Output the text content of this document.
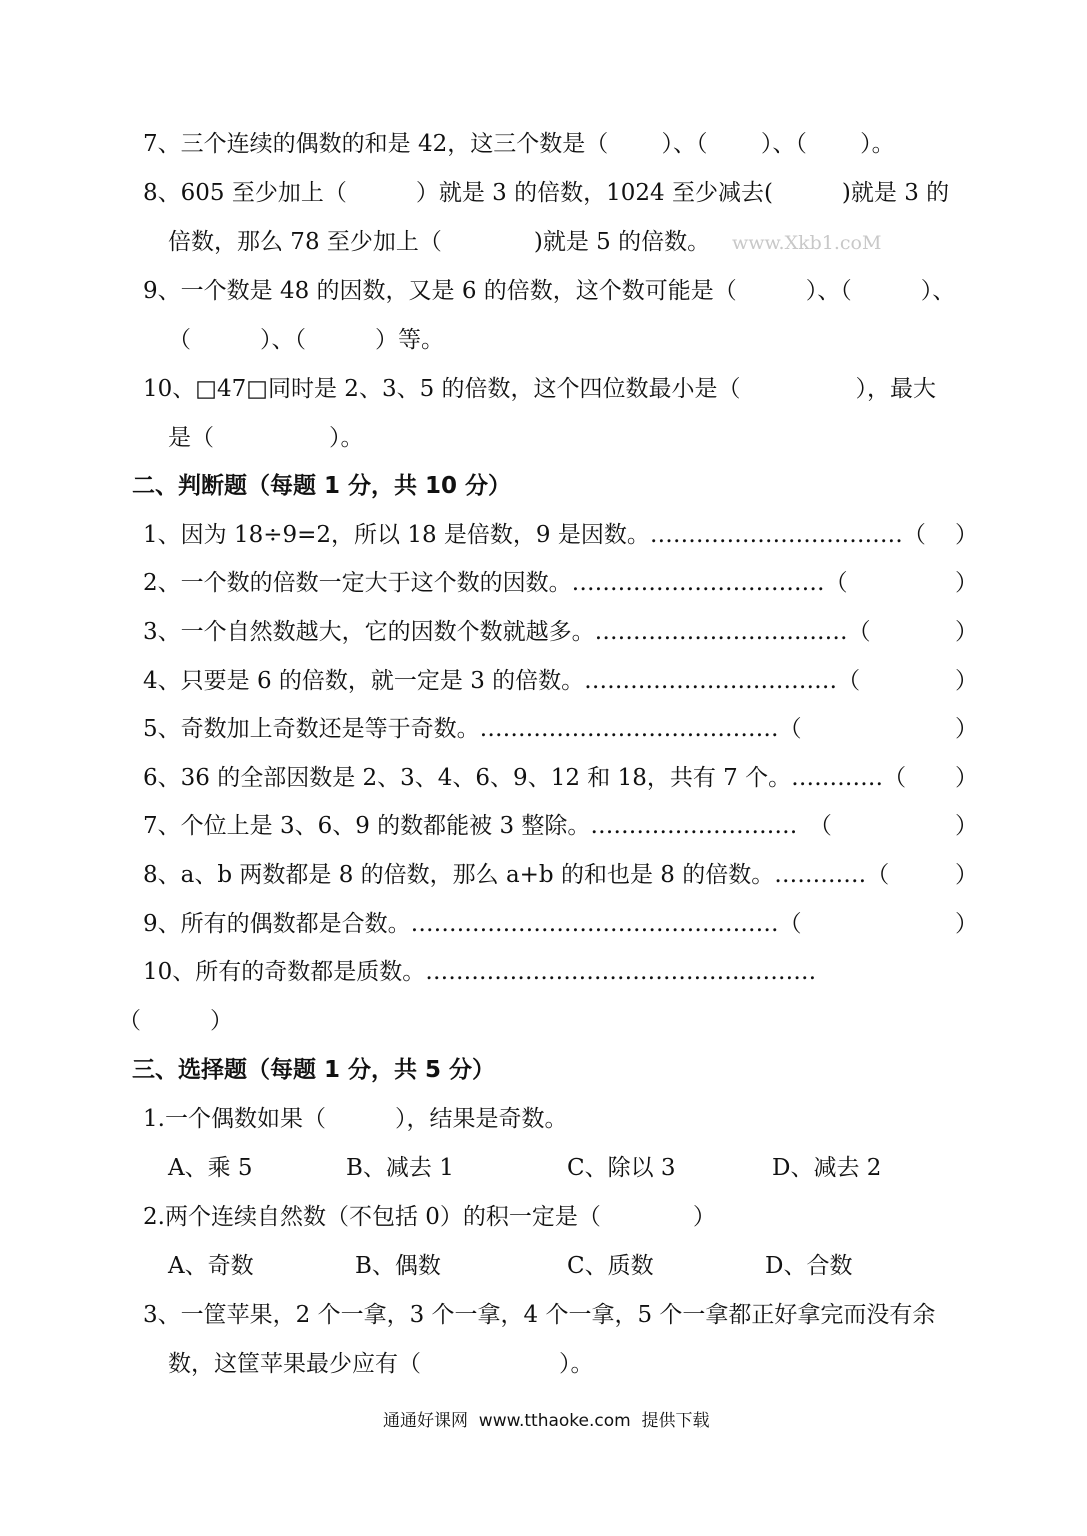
7、三个连续的偶数的和是 42，这三个数是（　　 ）、（　　 ）、（　　 ）。
8、605 至少加上（　　　）就是 3 的倍数，1024 至少减去(　　　)就是 3 的
倍数，那么 78 至少加上（　　　　)就是 5 的倍数。 www.Xkb1.coM
9、一个数是 48 的因数，又是 6 的倍数，这个数可能是（　　　）、（　　　）、
（　　　）、（　　　）等。
10、□47□同时是 2、3、5 的倍数，这个四位数最小是（　　　　　），最大
是（　　　　　）。
二、判断题（每题 1 分，共 10 分）
1、因为 18÷9=2，所以 18 是倍数，9 是因数。……………………………（ ）
2、一个数的倍数一定大于这个数的因数。……………………………（	）
3、一个自然数越大，它的因数个数就越多。……………………………（	）
4、只要是 6 的倍数，就一定是 3 的倍数。……………………………（	）
5、奇数加上奇数还是等于奇数。…………………………………（	）
6、36 的全部因数是 2、3、4、6、9、12 和 18，共有 7 个。…………（ ）
7、个位上是 3、6、9 的数都能被 3 整除。………………………　（	）
8、a、b 两数都是 8 的倍数，那么 a+b 的和也是 8 的倍数。…………（	）
9、所有的偶数都是合数。…………………………………………（	）
10、所有的奇数都是质数。……………………………………………
（　　　）
三、选择题（每题 1 分，共 5 分）
1.一个偶数如果（　　　），结果是奇数。
A、乘 5	B、减去 1	C、除以 3	D、减去 2
2.两个连续自然数（不包括 0）的积一定是（　　　　）
A、奇数	B、偶数	C、质数	D、合数
3、一筐苹果，2 个一拿，3 个一拿，4 个一拿，5 个一拿都正好拿完而没有余
数，这筐苹果最少应有（　　　　　　）。
通通好课网  www.tthaoke.com  提供下载
